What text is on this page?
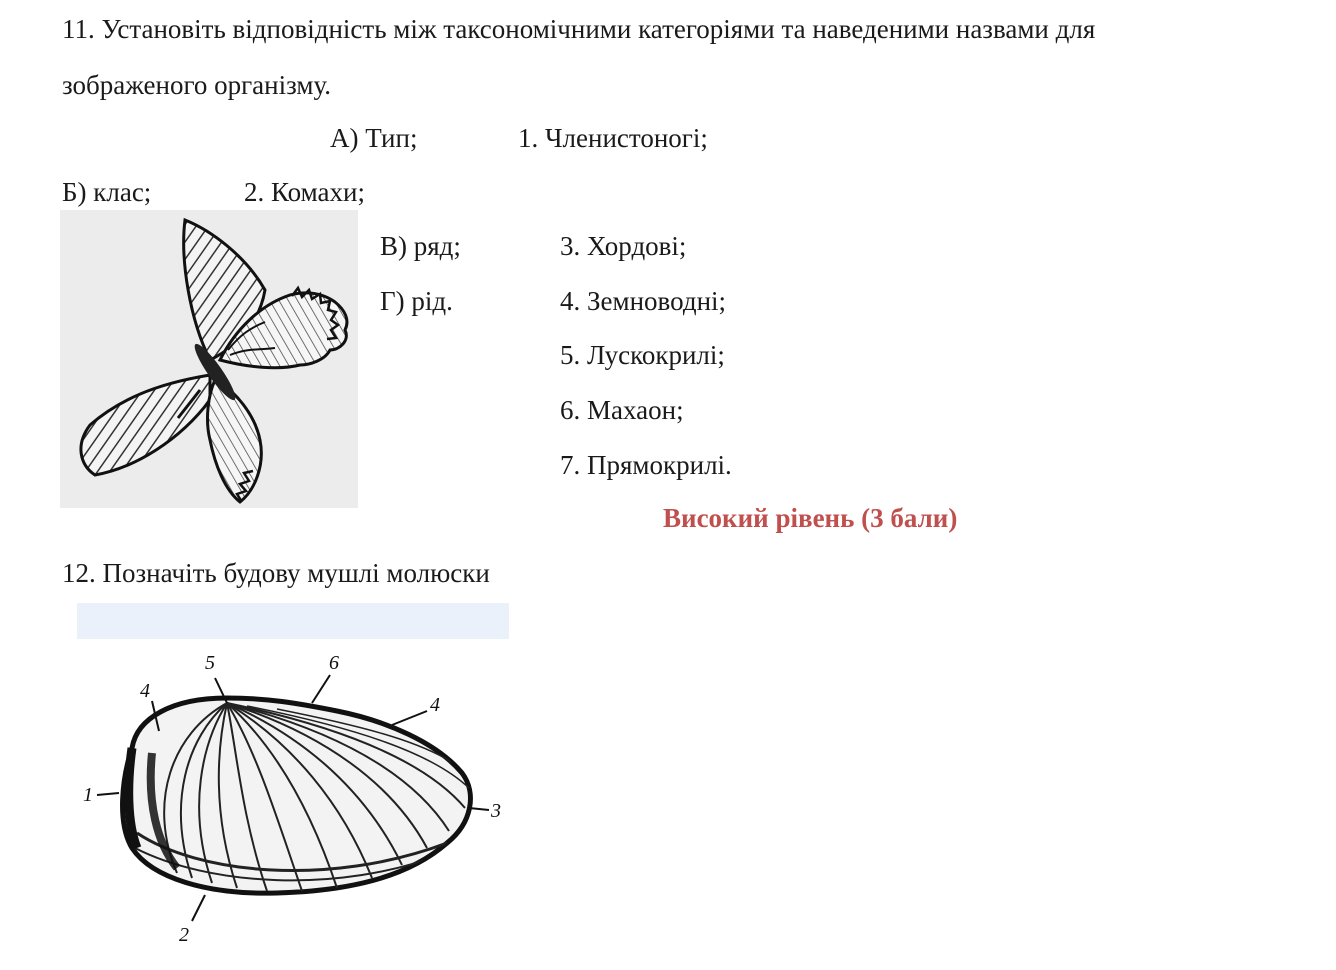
11. Установіть відповідність між таксономічними категоріями та наведеними назвами для
зображеного організму.
А) Тип;	1. Членистоногі;
Б) клас;	2. Комахи;
В) ряд;	3. Хордові;
Г) рід.	4. Земноводні;
5. Лускокрилі;
6. Махаон;
7. Прямокрилі.
Високий рівень (3 бали)
12. Позначіть будову мушлі молюски
4
5	6
4
1
3
2
